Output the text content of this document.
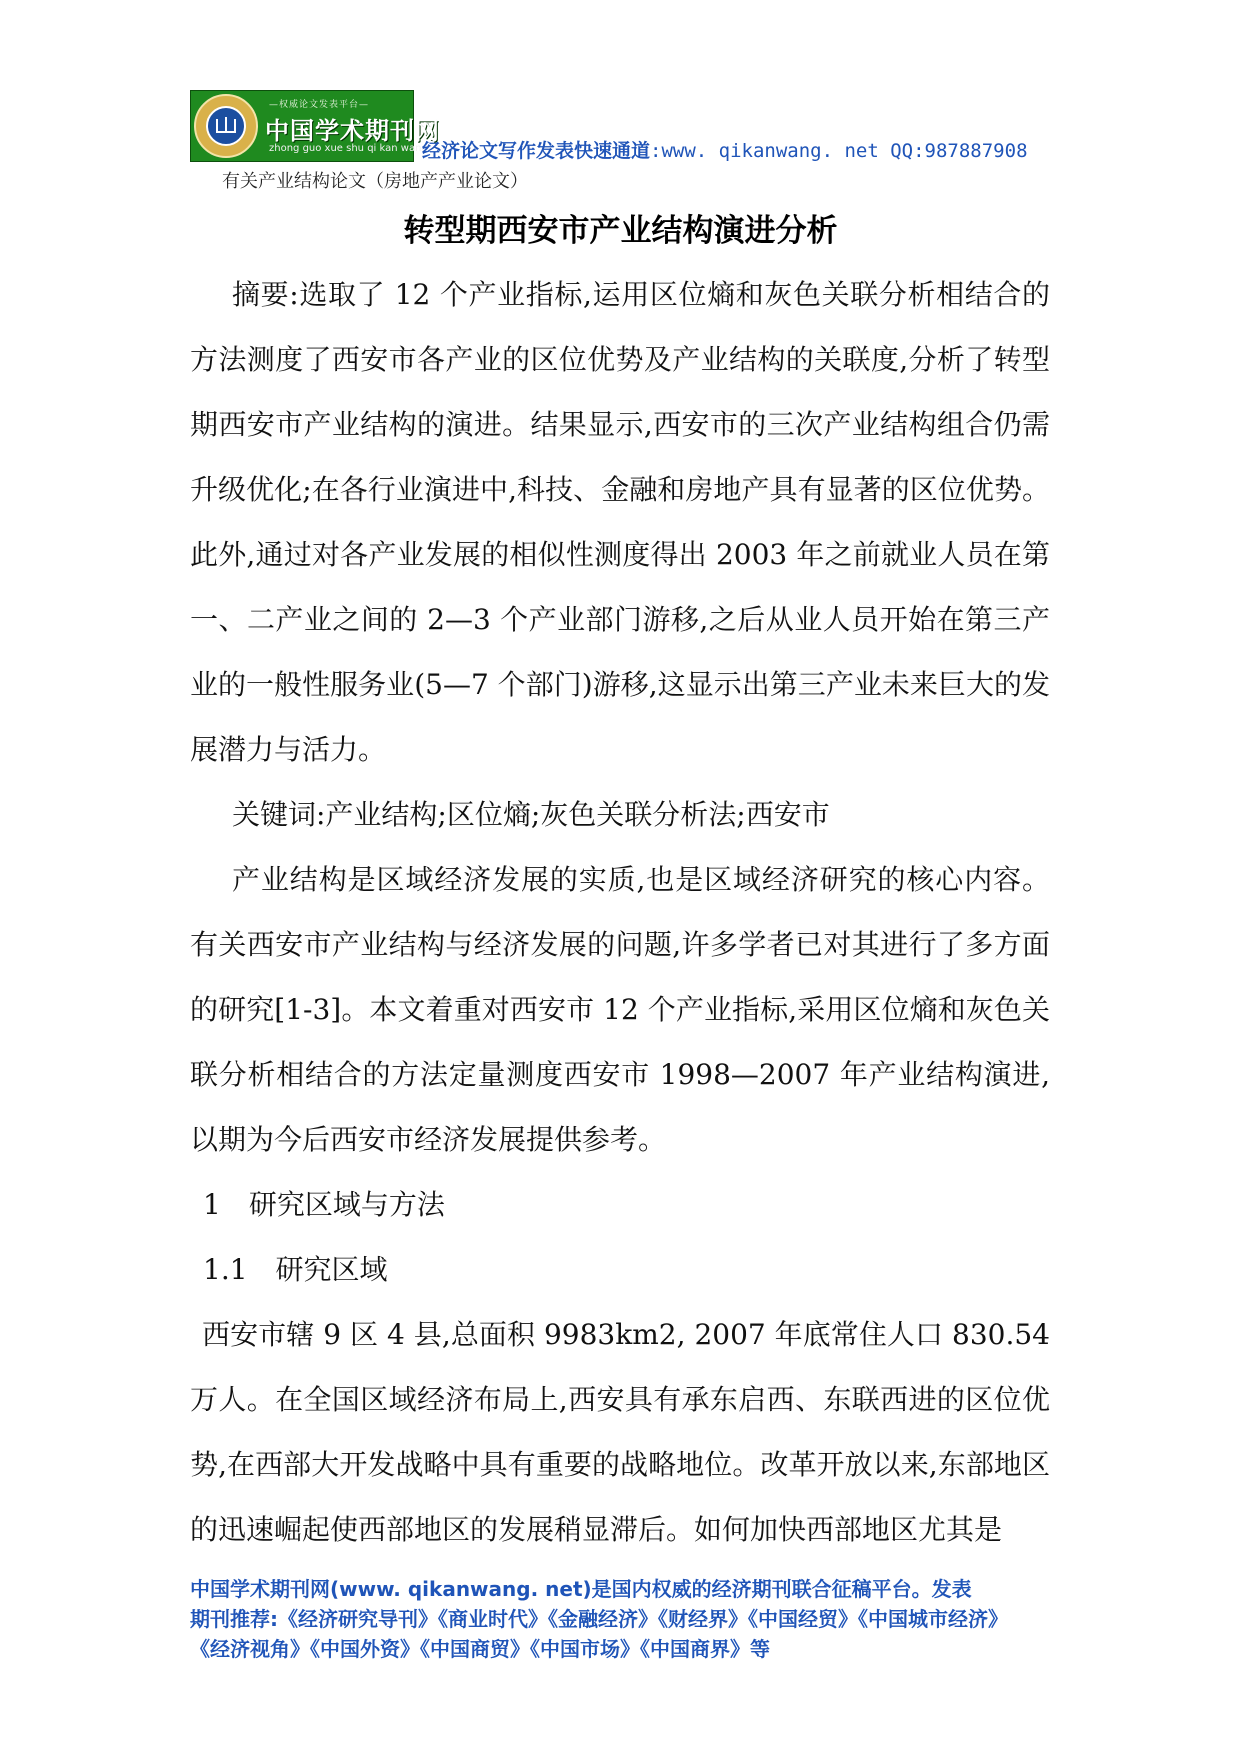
—权威论文发表平台—
中国学术期刊网
zhong guo xue shu qi kan wang
经济论文写作发表快速通道:www. qikanwang. net QQ:987887908
有关产业结构论文（房地产产业论文）
转型期西安市产业结构演进分析
摘要:选取了 12 个产业指标,运用区位熵和灰色关联分析相结合的方法测度了西安市各产业的区位优势及产业结构的关联度,分析了转型期西安市产业结构的演进。结果显示,西安市的三次产业结构组合仍需升级优化;在各行业演进中,科技、金融和房地产具有显著的区位优势。此外,通过对各产业发展的相似性测度得出 2003 年之前就业人员在第一、二产业之间的 2—3 个产业部门游移,之后从业人员开始在第三产业的一般性服务业(5—7 个部门)游移,这显示出第三产业未来巨大的发展潜力与活力。
关键词:产业结构;区位熵;灰色关联分析法;西安市
产业结构是区域经济发展的实质,也是区域经济研究的核心内容。有关西安市产业结构与经济发展的问题,许多学者已对其进行了多方面的研究[1-3]。本文着重对西安市 12 个产业指标,采用区位熵和灰色关联分析相结合的方法定量测度西安市 1998—2007 年产业结构演进,以期为今后西安市经济发展提供参考。
1　研究区域与方法
1.1　研究区域
西安市辖 9 区 4 县,总面积 9983km2, 2007 年底常住人口 830.54 万人。在全国区域经济布局上,西安具有承东启西、东联西进的区位优势,在西部大开发战略中具有重要的战略地位。改革开放以来,东部地区的迅速崛起使西部地区的发展稍显滞后。如何加快西部地区尤其是
中国学术期刊网(www. qikanwang. net)是国内权威的经济期刊联合征稿平台。发表
期刊推荐:《经济研究导刊》《商业时代》《金融经济》《财经界》《中国经贸》《中国城市经济》
《经济视角》《中国外资》《中国商贸》《中国市场》《中国商界》等
